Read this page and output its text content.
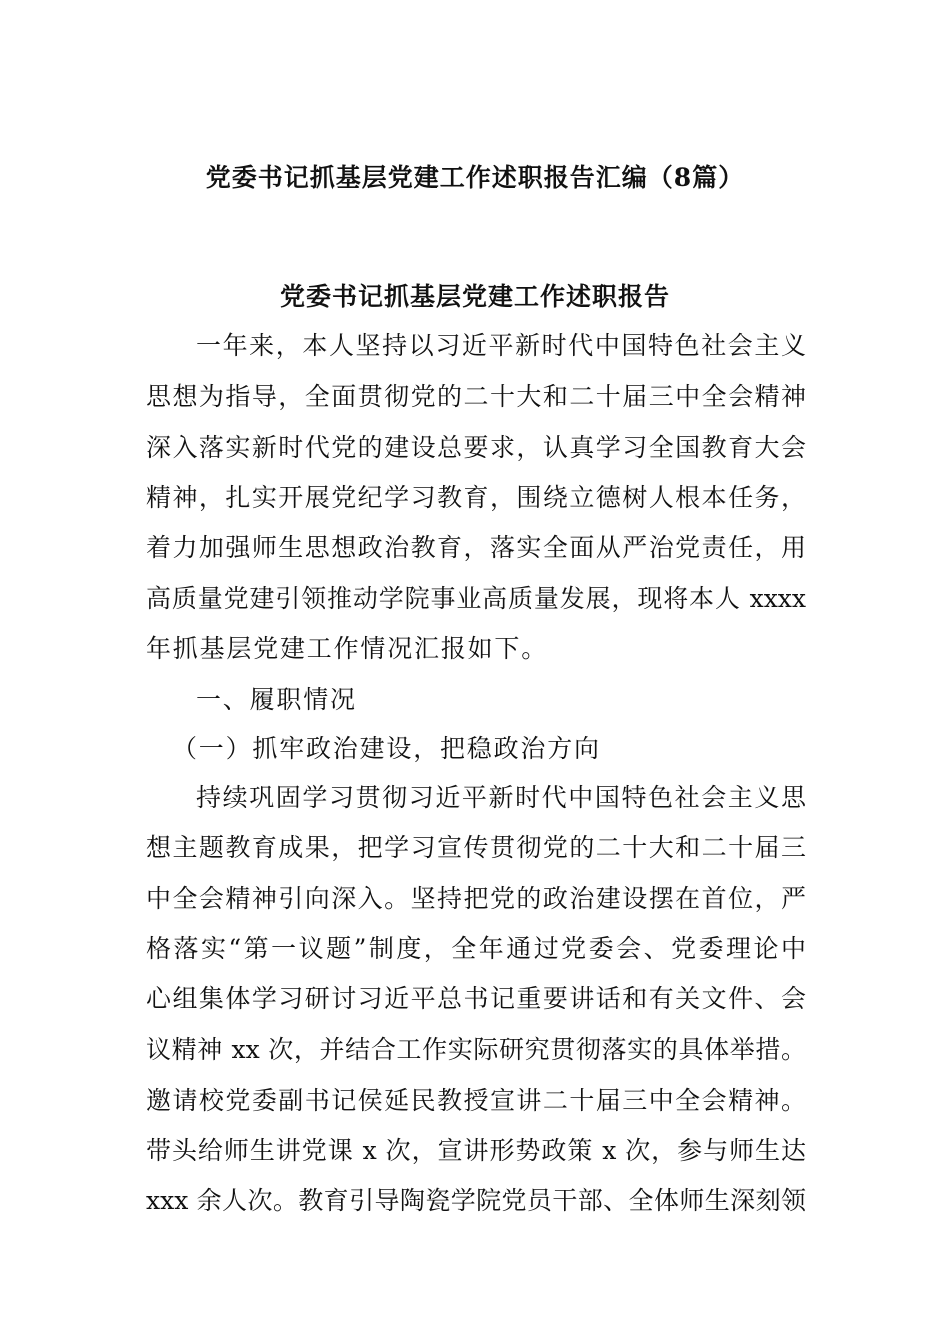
党委书记抓基层党建工作述职报告汇编（8篇）
党委书记抓基层党建工作述职报告
一年来，本人坚持以习近平新时代中国特色社会主义
思想为指导，全面贯彻党的二十大和二十届三中全会精神
深入落实新时代党的建设总要求，认真学习全国教育大会
精神，扎实开展党纪学习教育，围绕立德树人根本任务，
着力加强师生思想政治教育，落实全面从严治党责任，用
高质量党建引领推动学院事业高质量发展，现将本人 xxxx
年抓基层党建工作情况汇报如下。
一、履职情况
（一）抓牢政治建设，把稳政治方向
持续巩固学习贯彻习近平新时代中国特色社会主义思
想主题教育成果，把学习宣传贯彻党的二十大和二十届三
中全会精神引向深入。坚持把党的政治建设摆在首位，严
格落实“第一议题”制度，全年通过党委会、党委理论中
心组集体学习研讨习近平总书记重要讲话和有关文件、会
议精神 xx 次，并结合工作实际研究贯彻落实的具体举措。
邀请校党委副书记侯延民教授宣讲二十届三中全会精神。
带头给师生讲党课 x 次，宣讲形势政策 x 次，参与师生达
xxx 余人次。教育引导陶瓷学院党员干部、全体师生深刻领
